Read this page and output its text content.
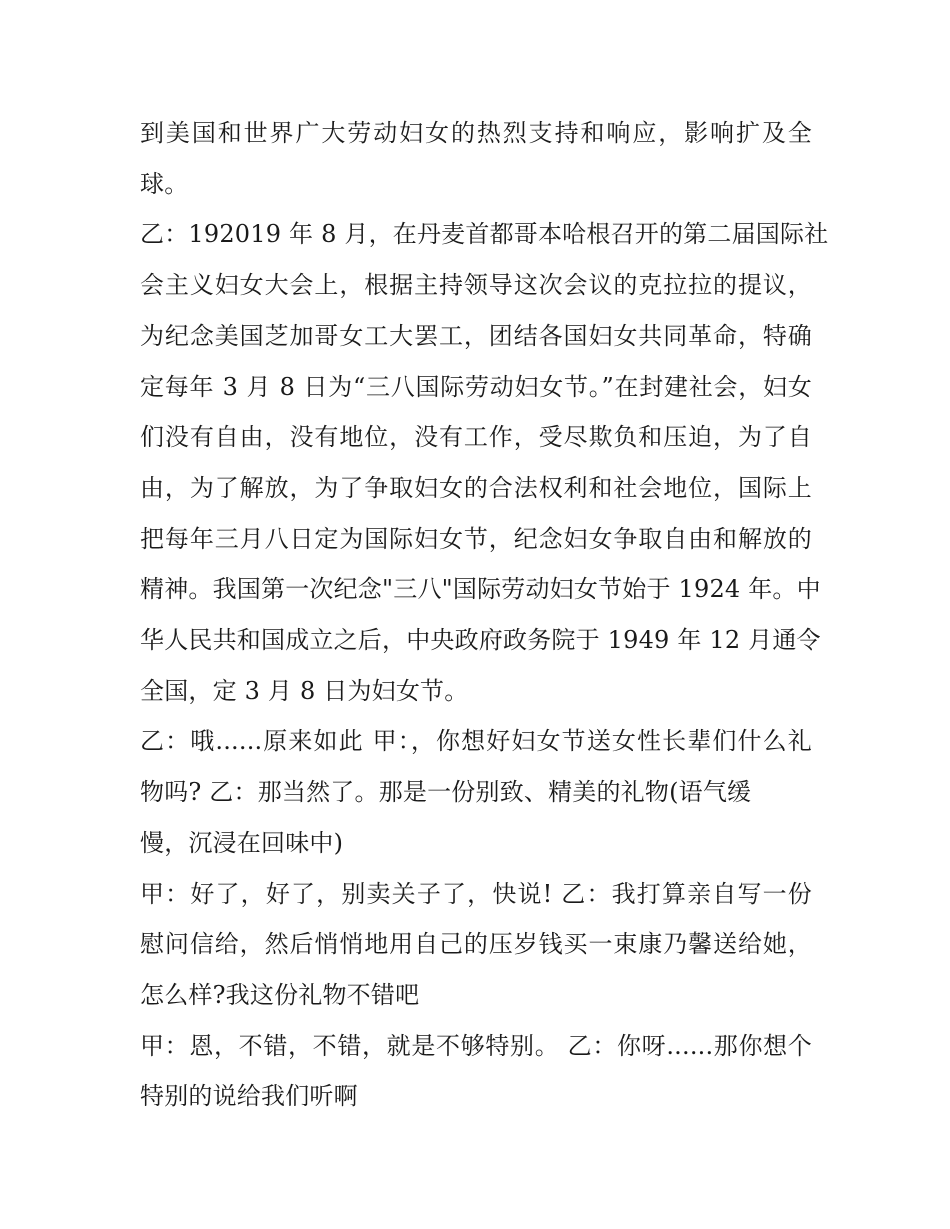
到美国和世界广大劳动妇女的热烈支持和响应，影响扩及全
球。
乙：192019 年 8 月，在丹麦首都哥本哈根召开的第二届国际社
会主义妇女大会上，根据主持领导这次会议的克拉拉的提议，
为纪念美国芝加哥女工大罢工，团结各国妇女共同革命，特确
定每年 3 月 8 日为“三八国际劳动妇女节。”在封建社会，妇女
们没有自由，没有地位，没有工作，受尽欺负和压迫，为了自
由，为了解放，为了争取妇女的合法权利和社会地位，国际上
把每年三月八日定为国际妇女节，纪念妇女争取自由和解放的
精神。我国第一次纪念"三八"国际劳动妇女节始于 1924 年。中
华人民共和国成立之后，中央政府政务院于 1949 年 12 月通令
全国，定 3 月 8 日为妇女节。
乙：哦......原来如此 甲：，你想好妇女节送女性长辈们什么礼
物吗? 乙：那当然了。那是一份别致、精美的礼物(语气缓
慢，沉浸在回味中)
甲：好了，好了，别卖关子了，快说! 乙：我打算亲自写一份
慰问信给，然后悄悄地用自己的压岁钱买一束康乃馨送给她，
怎么样?我这份礼物不错吧
甲：恩，不错，不错，就是不够特别。 乙：你呀......那你想个
特别的说给我们听啊
